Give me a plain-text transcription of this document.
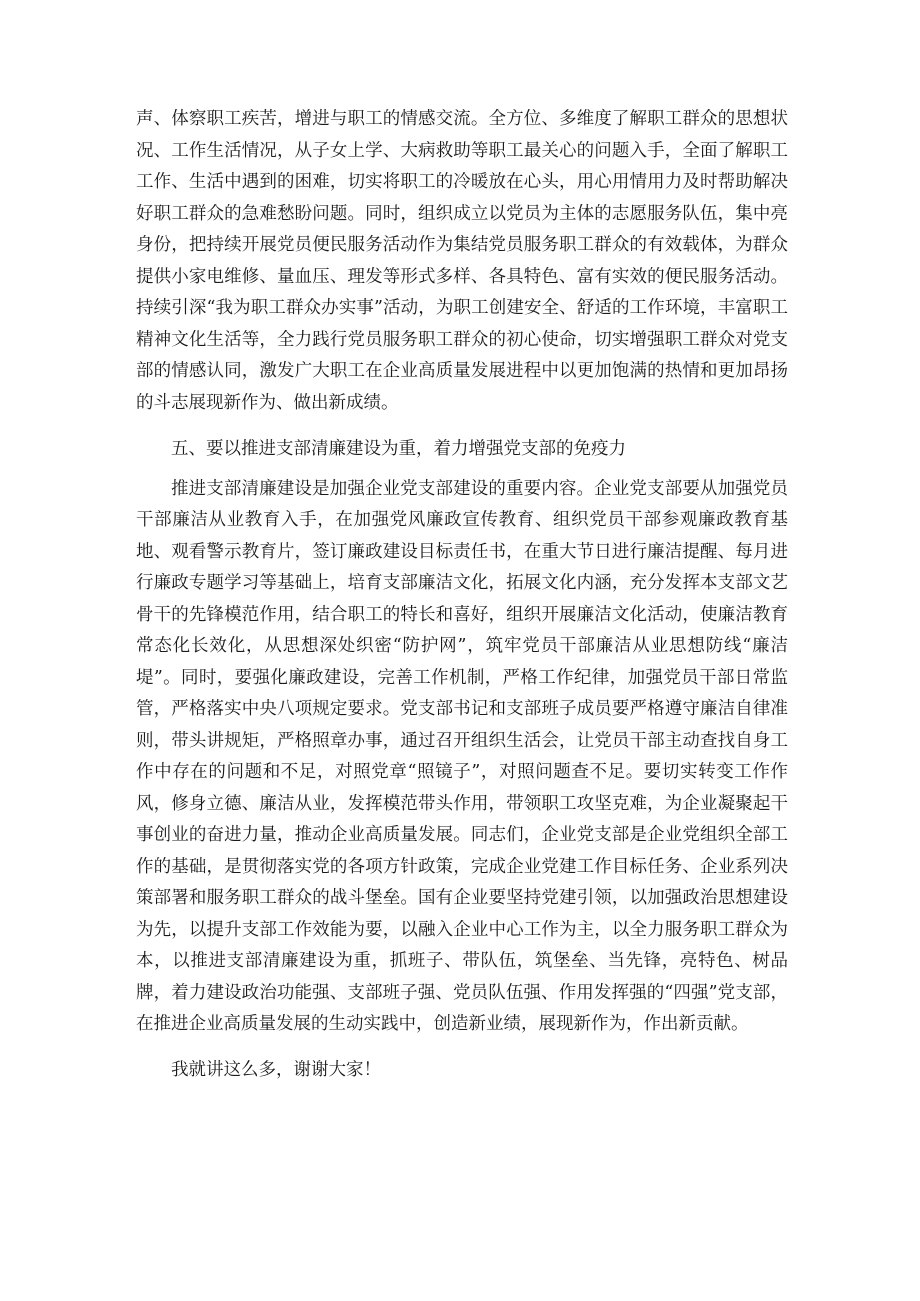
声、体察职工疾苦，增进与职工的情感交流。全方位、多维度了解职工群众的思想状况、工作生活情况，从子女上学、大病救助等职工最关心的问题入手，全面了解职工工作、生活中遇到的困难，切实将职工的冷暖放在心头，用心用情用力及时帮助解决好职工群众的急难愁盼问题。同时，组织成立以党员为主体的志愿服务队伍，集中亮身份，把持续开展党员便民服务活动作为集结党员服务职工群众的有效载体，为群众提供小家电维修、量血压、理发等形式多样、各具特色、富有实效的便民服务活动。持续引深“我为职工群众办实事”活动，为职工创建安全、舒适的工作环境，丰富职工精神文化生活等，全力践行党员服务职工群众的初心使命，切实增强职工群众对党支部的情感认同，激发广大职工在企业高质量发展进程中以更加饱满的热情和更加昂扬的斗志展现新作为、做出新成绩。

五、要以推进支部清廉建设为重，着力增强党支部的免疫力

推进支部清廉建设是加强企业党支部建设的重要内容。企业党支部要从加强党员干部廉洁从业教育入手，在加强党风廉政宣传教育、组织党员干部参观廉政教育基地、观看警示教育片，签订廉政建设目标责任书，在重大节日进行廉洁提醒、每月进行廉政专题学习等基础上，培育支部廉洁文化，拓展文化内涵，充分发挥本支部文艺骨干的先锋模范作用，结合职工的特长和喜好，组织开展廉洁文化活动，使廉洁教育常态化长效化，从思想深处织密“防护网”，筑牢党员干部廉洁从业思想防线“廉洁堤”。同时，要强化廉政建设，完善工作机制，严格工作纪律，加强党员干部日常监管，严格落实中央八项规定要求。党支部书记和支部班子成员要严格遵守廉洁自律准则，带头讲规矩，严格照章办事，通过召开组织生活会，让党员干部主动查找自身工作中存在的问题和不足，对照党章“照镜子”，对照问题查不足。要切实转变工作作风，修身立德、廉洁从业，发挥模范带头作用，带领职工攻坚克难，为企业凝聚起干事创业的奋进力量，推动企业高质量发展。同志们，企业党支部是企业党组织全部工作的基础，是贯彻落实党的各项方针政策，完成企业党建工作目标任务、企业系列决策部署和服务职工群众的战斗堡垒。国有企业要坚持党建引领，以加强政治思想建设为先，以提升支部工作效能为要，以融入企业中心工作为主，以全力服务职工群众为本，以推进支部清廉建设为重，抓班子、带队伍，筑堡垒、当先锋，亮特色、树品牌，着力建设政治功能强、支部班子强、党员队伍强、作用发挥强的“四强”党支部，在推进企业高质量发展的生动实践中，创造新业绩，展现新作为，作出新贡献。

我就讲这么多，谢谢大家！
